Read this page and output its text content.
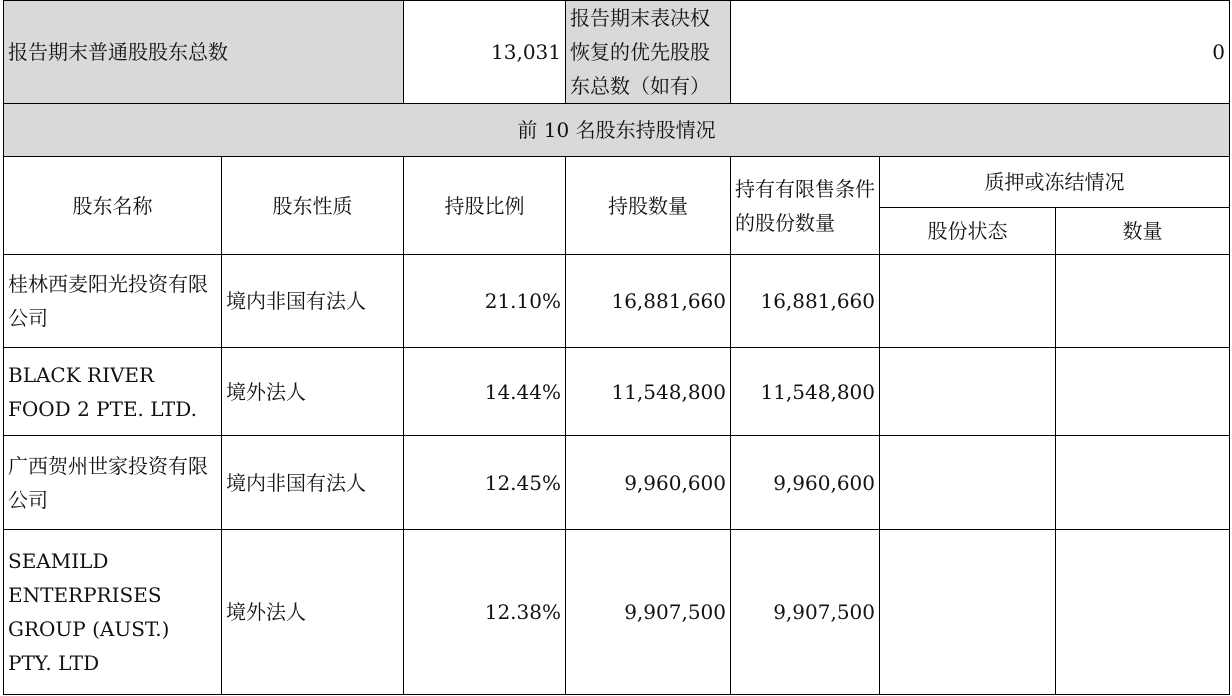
报告期末普通股股东总数		13,031	报告期末表决权恢复的优先股股东总数（如有）	0		
前 10 名股东持股情况						
股东名称	股东性质	持股比例	持股数量	持有有限售条件的股份数量	质押或冻结情况	
					股份状态	数量
桂林西麦阳光投资有限公司	境内非国有法人	21.10%	16,881,660	16,881,660		
BLACK RIVER FOOD 2 PTE. LTD.	境外法人	14.44%	11,548,800	11,548,800		
广西贺州世家投资有限公司	境内非国有法人	12.45%	9,960,600	9,960,600		
SEAMILD ENTERPRISES GROUP (AUST.) PTY. LTD	境外法人	12.38%	9,907,500	9,907,500		
